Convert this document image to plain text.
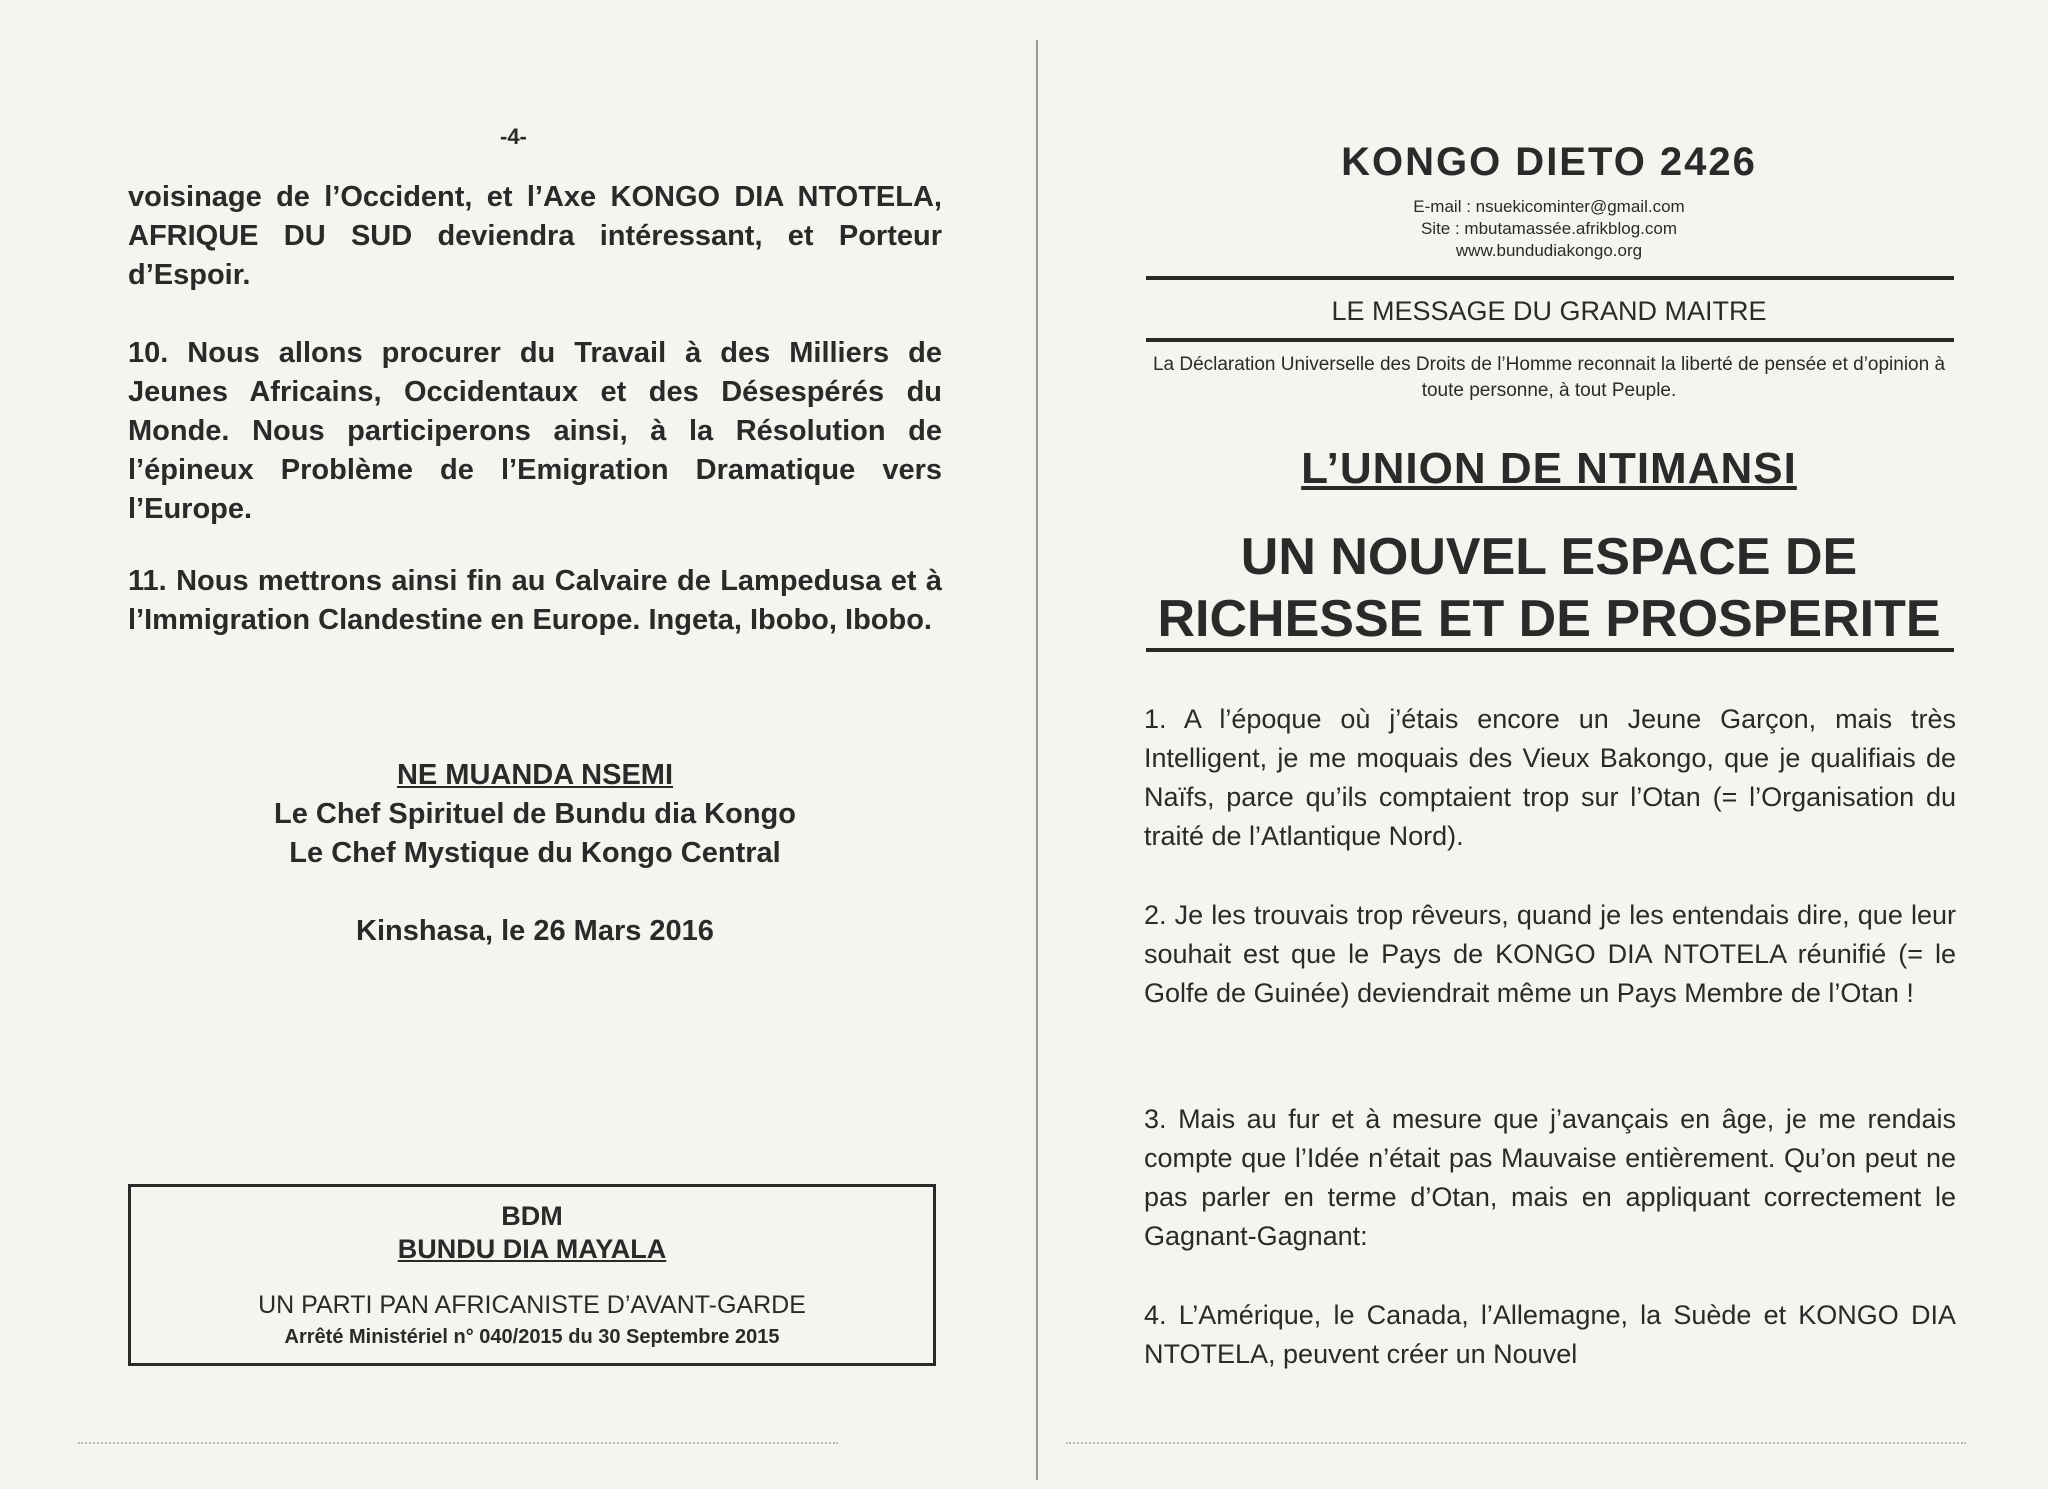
-4-

voisinage de l’Occident, et l’Axe KONGO DIA NTOTELA, AFRIQUE DU SUD deviendra intéressant, et Porteur d’Espoir.

10. Nous allons procurer du Travail à des Milliers de Jeunes Africains, Occidentaux et des Désespérés du Monde. Nous participerons ainsi, à la Résolution de l’épineux Problème de l’Emigration Dramatique vers l’Europe.

11. Nous mettrons ainsi fin au Calvaire de Lampedusa et à l’Immigration Clandestine en Europe. Ingeta, Ibobo, Ibobo.

NE MUANDA NSEMI
Le Chef Spirituel de Bundu dia Kongo
Le Chef Mystique du Kongo Central
Kinshasa, le 26 Mars 2016
BDM
BUNDU DIA MAYALA
UN PARTI PAN AFRICANISTE D’AVANT-GARDE
Arrêté Ministériel n° 040/2015 du 30 Septembre 2015
KONGO DIETO 2426
E-mail : nsuekicominter@gmail.com
Site : mbutamassée.afrikblog.com
www.bundudiakongo.org
LE MESSAGE DU GRAND MAITRE
La Déclaration Universelle des Droits de l’Homme reconnait la liberté de pensée et d’opinion à toute personne, à tout Peuple.
L’UNION DE NTIMANSI
UN NOUVEL ESPACE DE
RICHESSE ET DE PROSPERITE

1. A l’époque où j’étais encore un Jeune Garçon, mais très Intelligent, je me moquais des Vieux Bakongo, que je qualifiais de Naïfs, parce qu’ils comptaient trop sur l’Otan (= l’Organisation du traité de l’Atlantique Nord).

2. Je les trouvais trop rêveurs, quand je les entendais dire, que leur souhait est que le Pays de KONGO DIA NTOTELA réunifié (= le Golfe de Guinée) deviendrait même un Pays Membre de l’Otan !

3. Mais au fur et à mesure que j’avançais en âge, je me rendais compte que l’Idée n’était pas Mauvaise entièrement. Qu’on peut ne pas parler en terme d’Otan, mais en appliquant correctement le Gagnant-Gagnant:

4. L’Amérique, le Canada, l’Allemagne, la Suède et KONGO DIA NTOTELA, peuvent créer un Nouvel
